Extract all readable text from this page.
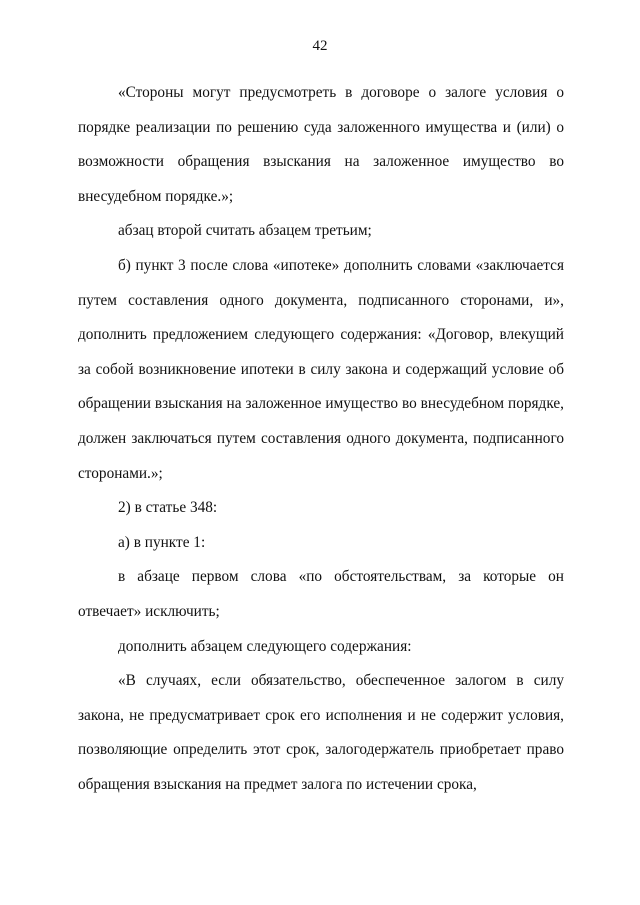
42

«Стороны могут предусмотреть в договоре о залоге условия о порядке реализации по решению суда заложенного имущества и (или) о возможности обращения взыскания на заложенное имущество во внесудебном порядке.»;

абзац второй считать абзацем третьим;

б) пункт 3 после слова «ипотеке» дополнить словами «заключается путем составления одного документа, подписанного сторонами, и», дополнить предложением следующего содержания: «Договор, влекущий за собой возникновение ипотеки в силу закона и содержащий условие об обращении взыскания на заложенное имущество во внесудебном порядке, должен заключаться путем составления одного документа, подписанного сторонами.»;

2) в статье 348:

а) в пункте 1:

в абзаце первом слова «по обстоятельствам, за которые он отвечает» исключить;

дополнить абзацем следующего содержания:

«В случаях, если обязательство, обеспеченное залогом в силу закона, не предусматривает срок его исполнения и не содержит условия, позволяющие определить этот срок, залогодержатель приобретает право обращения взыскания на предмет залога по истечении срока,
